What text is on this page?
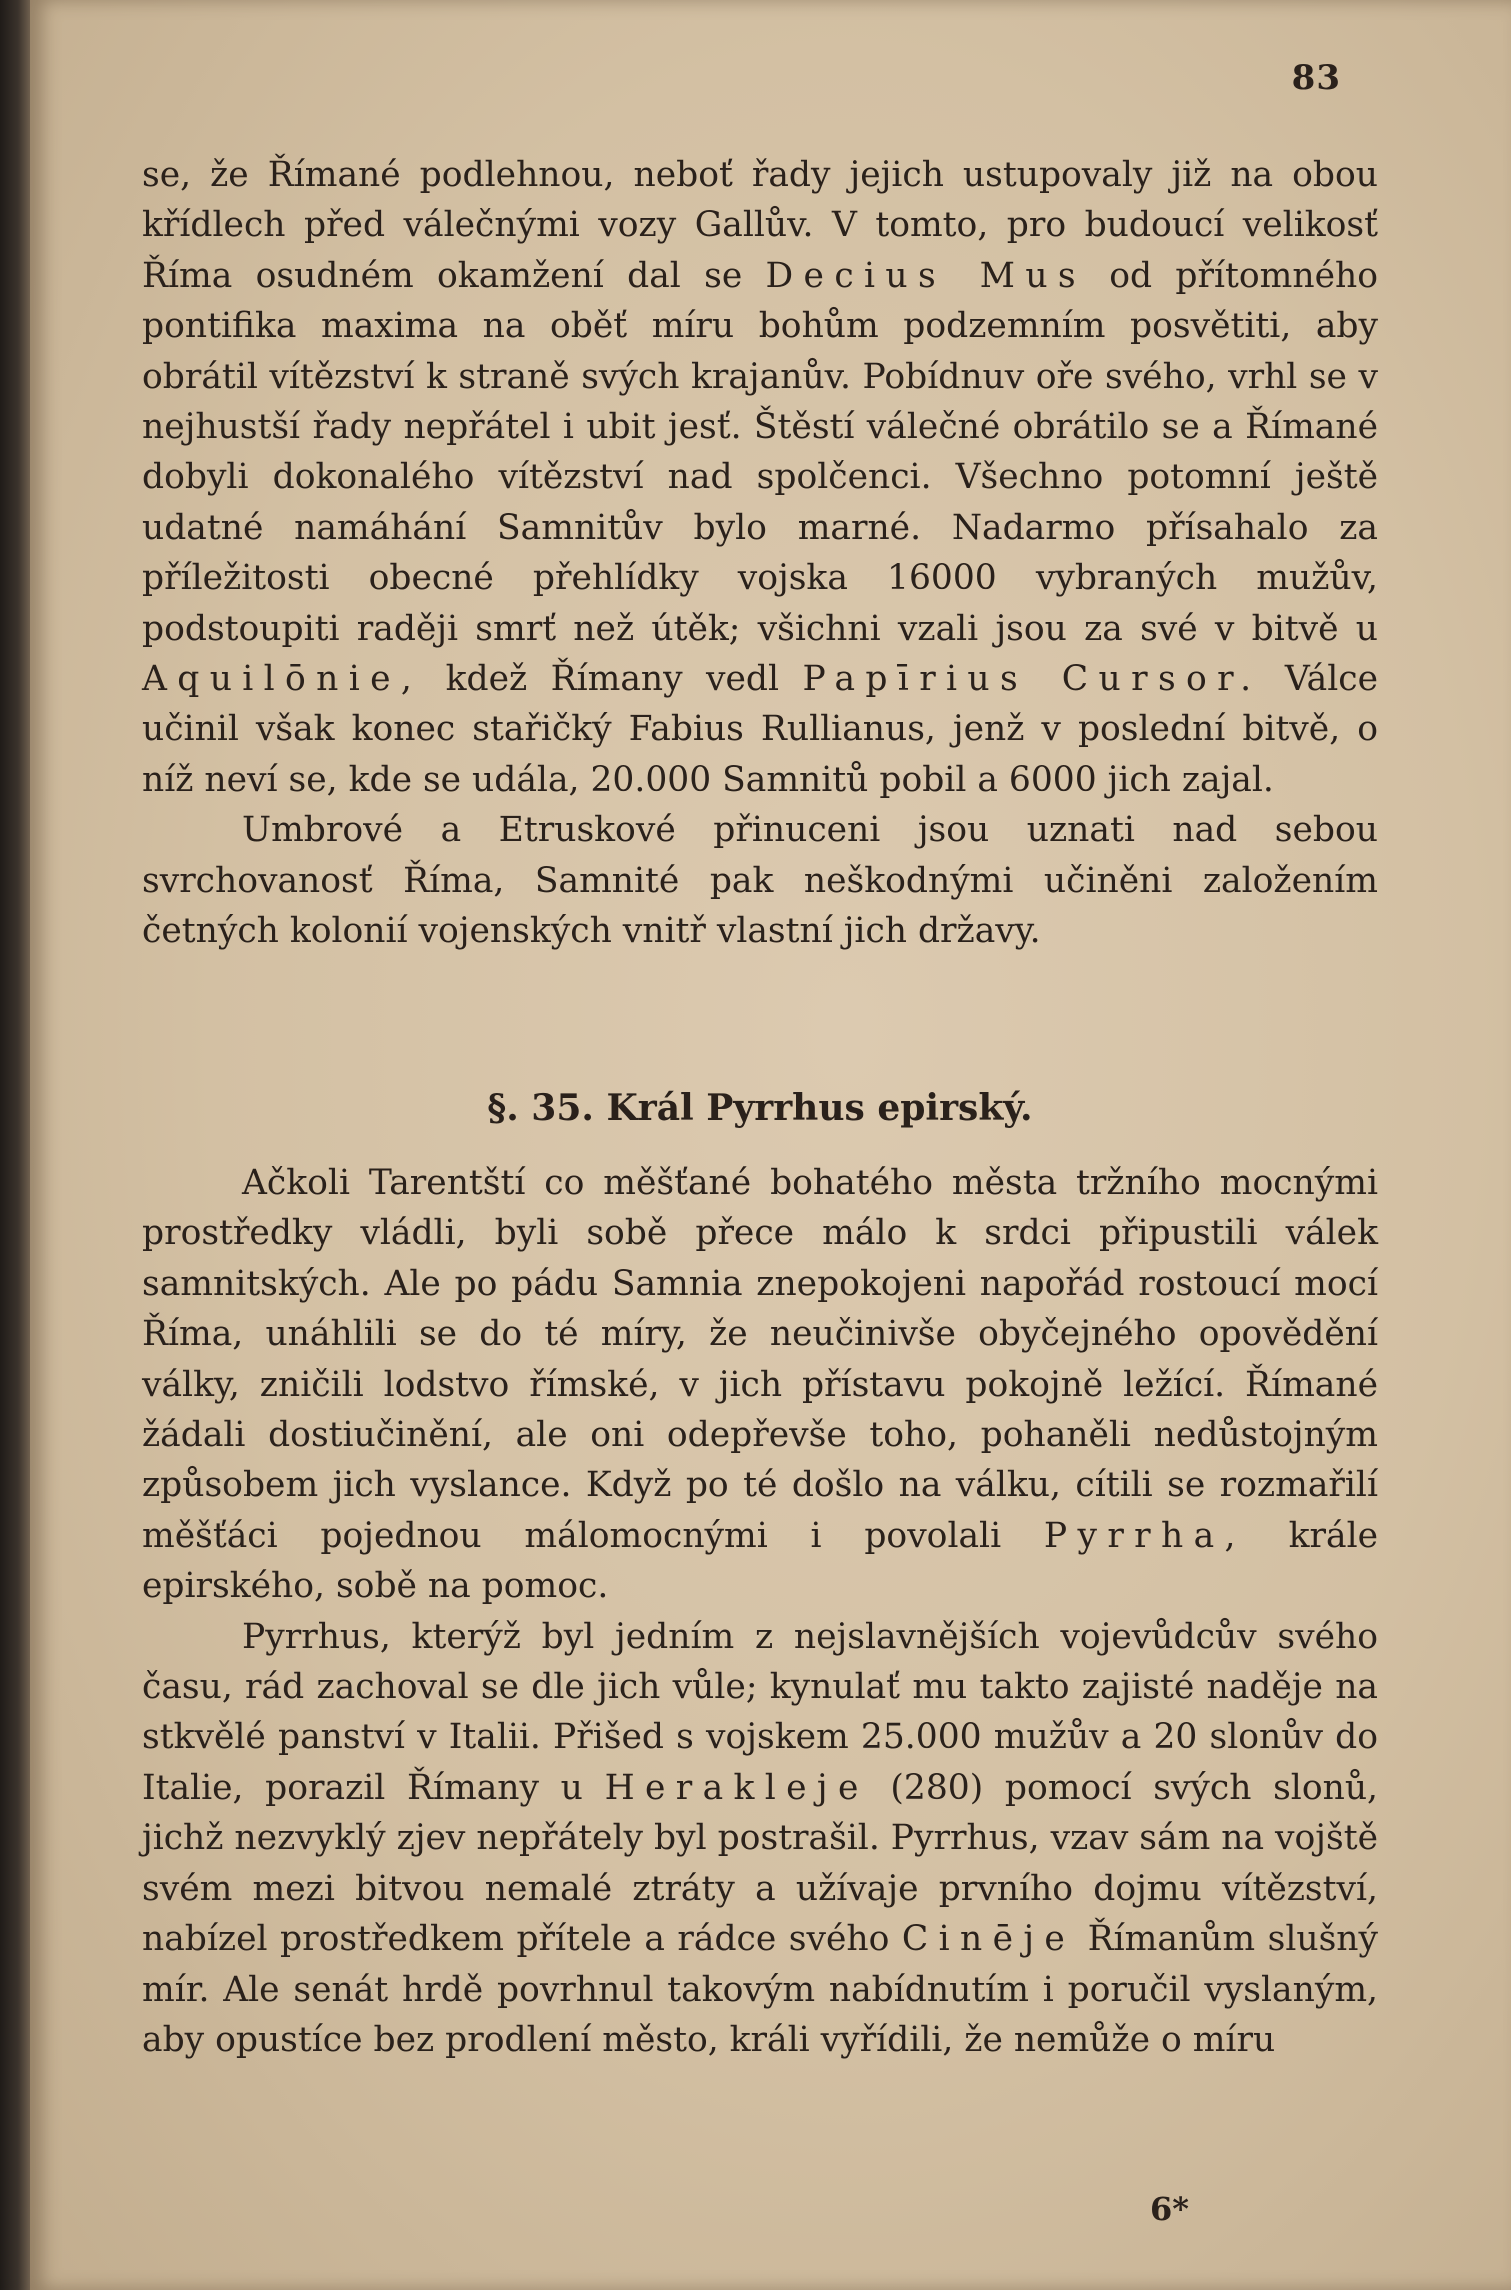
83

se, že Římané podlehnou, neboť řady jejich ustupovaly již na obou křídlech před válečnými vozy Gallův. V tomto, pro budoucí velikosť Říma osudném okamžení dal se Decius Mus od přítomného pontifika maxima na oběť míru bohům podzemním posvětiti, aby obrátil vítězství k straně svých krajanův. Pobídnuv oře svého, vrhl se v nejhustší řady nepřátel i ubit jesť. Štěstí válečné obrátilo se a Římané dobyli dokonalého vítězství nad spolčenci. Všechno potomní ještě udatné namáhání Samnitův bylo marné. Nadarmo přísahalo za příležitosti obecné přehlídky vojska 16000 vybraných mužův, podstoupiti raději smrť než útěk; všichni vzali jsou za své v bitvě u Aquilōnie, kdež Římany vedl Papīrius Cursor. Válce učinil však konec stařičký Fabius Rullianus, jenž v poslední bitvě, o níž neví se, kde se udála, 20.000 Samnitů pobil a 6000 jich zajal.

Umbrové a Etruskové přinuceni jsou uznati nad sebou svrchovanosť Říma, Samnité pak neškodnými učiněni založením četných kolonií vojenských vnitř vlastní jich državy.

§. 35. Král Pyrrhus epirský.

Ačkoli Tarentští co měšťané bohatého města tržního mocnými prostředky vládli, byli sobě přece málo k srdci připustili válek samnitských. Ale po pádu Samnia znepokojeni napořád rostoucí mocí Říma, unáhlili se do té míry, že neučinivše obyčejného opovědění války, zničili lodstvo římské, v jich přístavu pokojně ležící. Římané žádali dostiučinění, ale oni odepřevše toho, pohaněli nedůstojným způsobem jich vyslance. Když po té došlo na válku, cítili se rozmařilí měšťáci pojednou málomocnými i povolali Pyrrha, krále epirského, sobě na pomoc.

Pyrrhus, kterýž byl jedním z nejslavnějších vojevůdcův svého času, rád zachoval se dle jich vůle; kynulať mu takto zajisté naděje na stkvělé panství v Italii. Přišed s vojskem 25.000 mužův a 20 slonův do Italie, porazil Římany u Herakleje (280) pomocí svých slonů, jichž nezvyklý zjev nepřátely byl postrašil. Pyrrhus, vzav sám na vojště svém mezi bitvou nemalé ztráty a užívaje prvního dojmu vítězství, nabízel prostředkem přítele a rádce svého Cinēje Římanům slušný mír. Ale senát hrdě povrhnul takovým nabídnutím i poručil vyslaným, aby opustíce bez prodlení město, králi vyřídili, že nemůže o míru

6*
